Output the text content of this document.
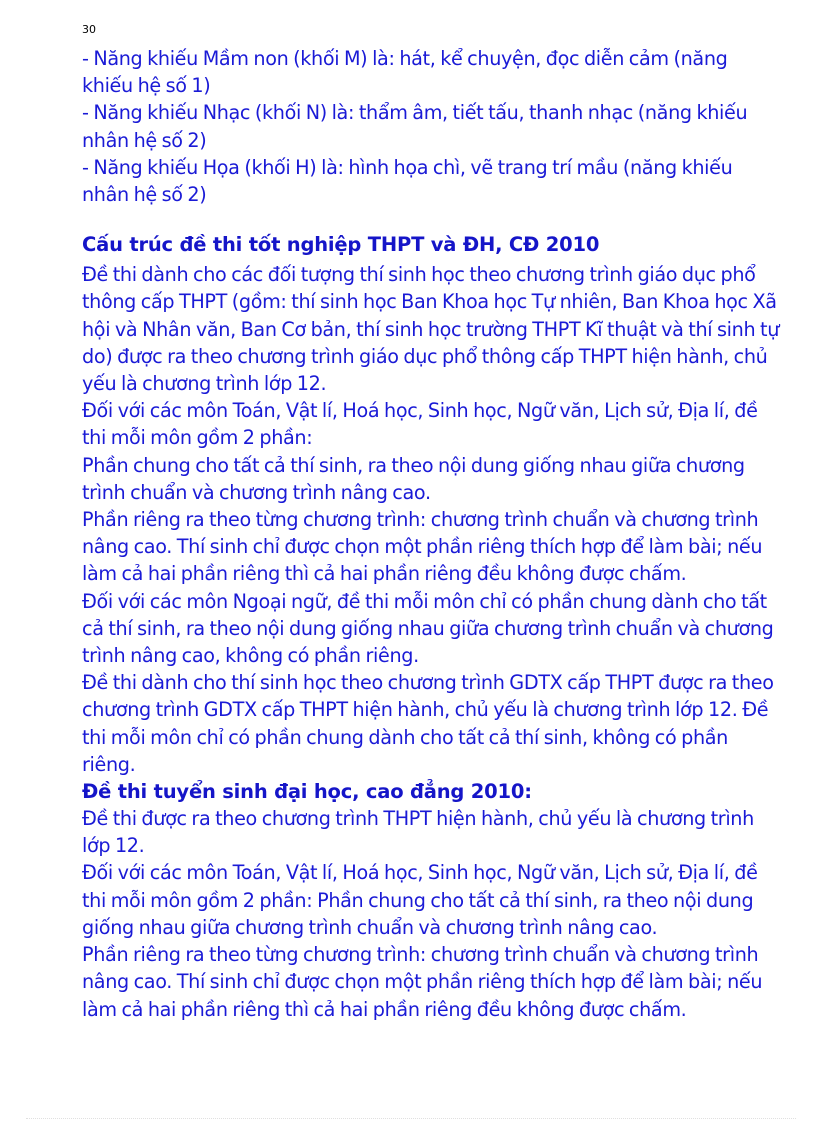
30

- Năng khiếu Mầm non (khối M) là: hát, kể chuyện, đọc diễn cảm (năng khiếu hệ số 1)

- Năng khiếu Nhạc (khối N) là: thẩm âm, tiết tấu, thanh nhạc (năng khiếu nhân hệ số 2)

- Năng khiếu Họa (khối H) là: hình họa chì, vẽ trang trí mầu (năng khiếu nhân hệ số 2)

Cấu trúc đề thi tốt nghiệp THPT và ĐH, CĐ 2010

Đề thi dành cho các đối tượng thí sinh học theo chương trình giáo dục phổ thông cấp THPT (gồm: thí sinh học Ban Khoa học Tự nhiên, Ban Khoa học Xã hội và Nhân văn, Ban Cơ bản, thí sinh học trường THPT Kĩ thuật và thí sinh tự do) được ra theo chương trình giáo dục phổ thông cấp THPT hiện hành, chủ yếu là chương trình lớp 12.

Đối với các môn Toán, Vật lí, Hoá học, Sinh học, Ngữ văn, Lịch sử, Địa lí, đề thi mỗi môn gồm 2 phần:

Phần chung cho tất cả thí sinh, ra theo nội dung giống nhau giữa chương trình chuẩn và chương trình nâng cao.

Phần riêng ra theo từng chương trình: chương trình chuẩn và chương trình nâng cao. Thí sinh chỉ được chọn một phần riêng thích hợp để làm bài; nếu làm cả hai phần riêng thì cả hai phần riêng đều không được chấm.

Đối với các môn Ngoại ngữ, đề thi mỗi môn chỉ có phần chung dành cho tất cả thí sinh, ra theo nội dung giống nhau giữa chương trình chuẩn và chương trình nâng cao, không có phần riêng.

Đề thi dành cho thí sinh học theo chương trình GDTX cấp THPT được ra theo chương trình GDTX cấp THPT hiện hành, chủ yếu là chương trình lớp 12. Đề thi mỗi môn chỉ có phần chung dành cho tất cả thí sinh, không có phần riêng.

Đề thi tuyển sinh đại học, cao đẳng 2010:

Đề thi được ra theo chương trình THPT hiện hành, chủ yếu là chương trình lớp 12.

Đối với các môn Toán, Vật lí, Hoá học, Sinh học, Ngữ văn, Lịch sử, Địa lí, đề thi mỗi môn gồm 2 phần: Phần chung cho tất cả thí sinh, ra theo nội dung giống nhau giữa chương trình chuẩn và chương trình nâng cao.

Phần riêng ra theo từng chương trình: chương trình chuẩn và chương trình nâng cao. Thí sinh chỉ được chọn một phần riêng thích hợp để làm bài; nếu làm cả hai phần riêng thì cả hai phần riêng đều không được chấm.
